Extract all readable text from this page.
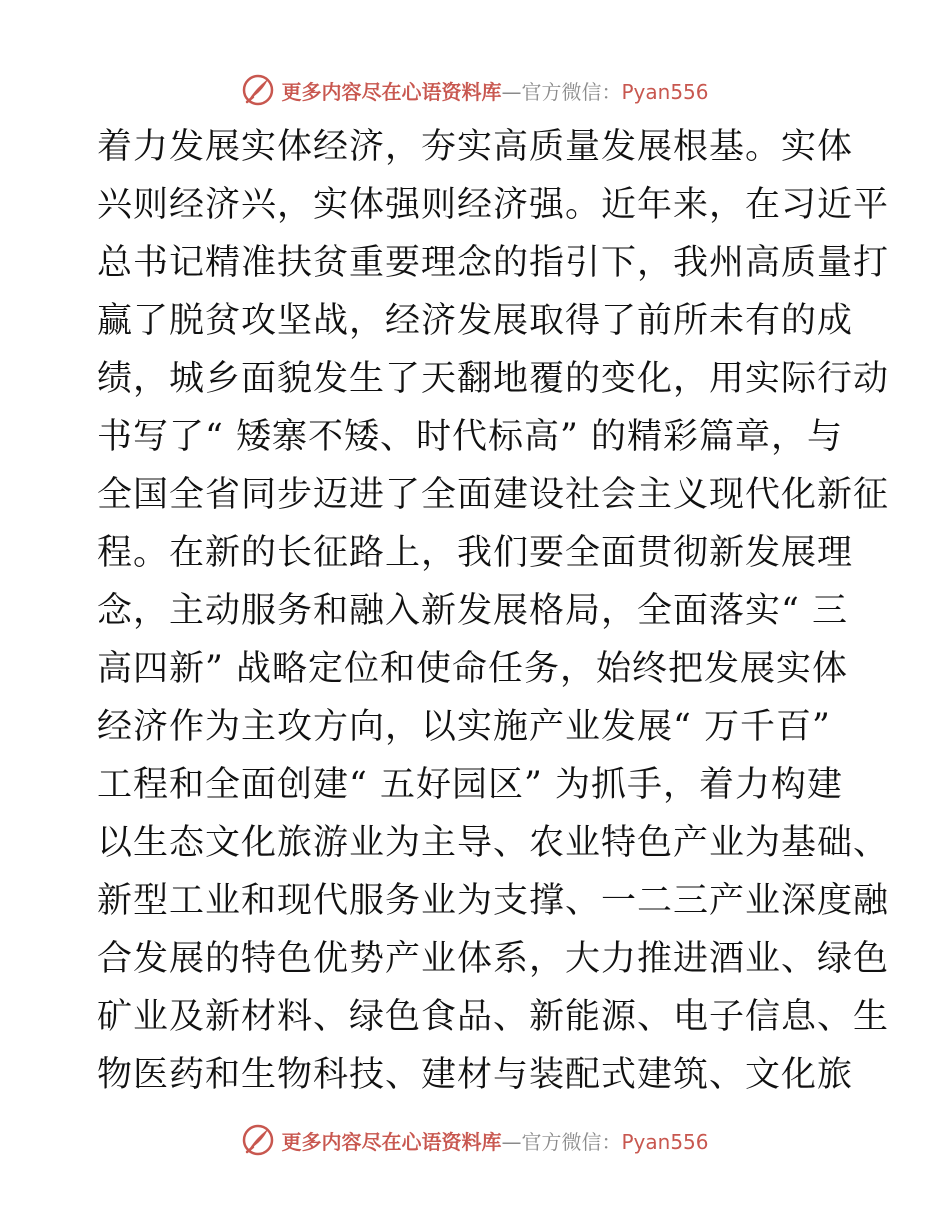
更多内容尽在心语资料库—官方微信：Pyan556
着力发展实体经济，夯实高质量发展根基。实体
兴则经济兴，实体强则经济强。近年来，在习近平
总书记精准扶贫重要理念的指引下，我州高质量打
赢了脱贫攻坚战，经济发展取得了前所未有的成
绩，城乡面貌发生了天翻地覆的变化，用实际行动
书写了“ 矮寨不矮、时代标高” 的精彩篇章，与
全国全省同步迈进了全面建设社会主义现代化新征
程。在新的长征路上，我们要全面贯彻新发展理
念，主动服务和融入新发展格局，全面落实“ 三
高四新” 战略定位和使命任务，始终把发展实体
经济作为主攻方向，以实施产业发展“ 万千百”
工程和全面创建“ 五好园区” 为抓手，着力构建
以生态文化旅游业为主导、农业特色产业为基础、
新型工业和现代服务业为支撑、一二三产业深度融
合发展的特色优势产业体系，大力推进酒业、绿色
矿业及新材料、绿色食品、新能源、电子信息、生
物医药和生物科技、建材与装配式建筑、文化旅
更多内容尽在心语资料库—官方微信：Pyan556
